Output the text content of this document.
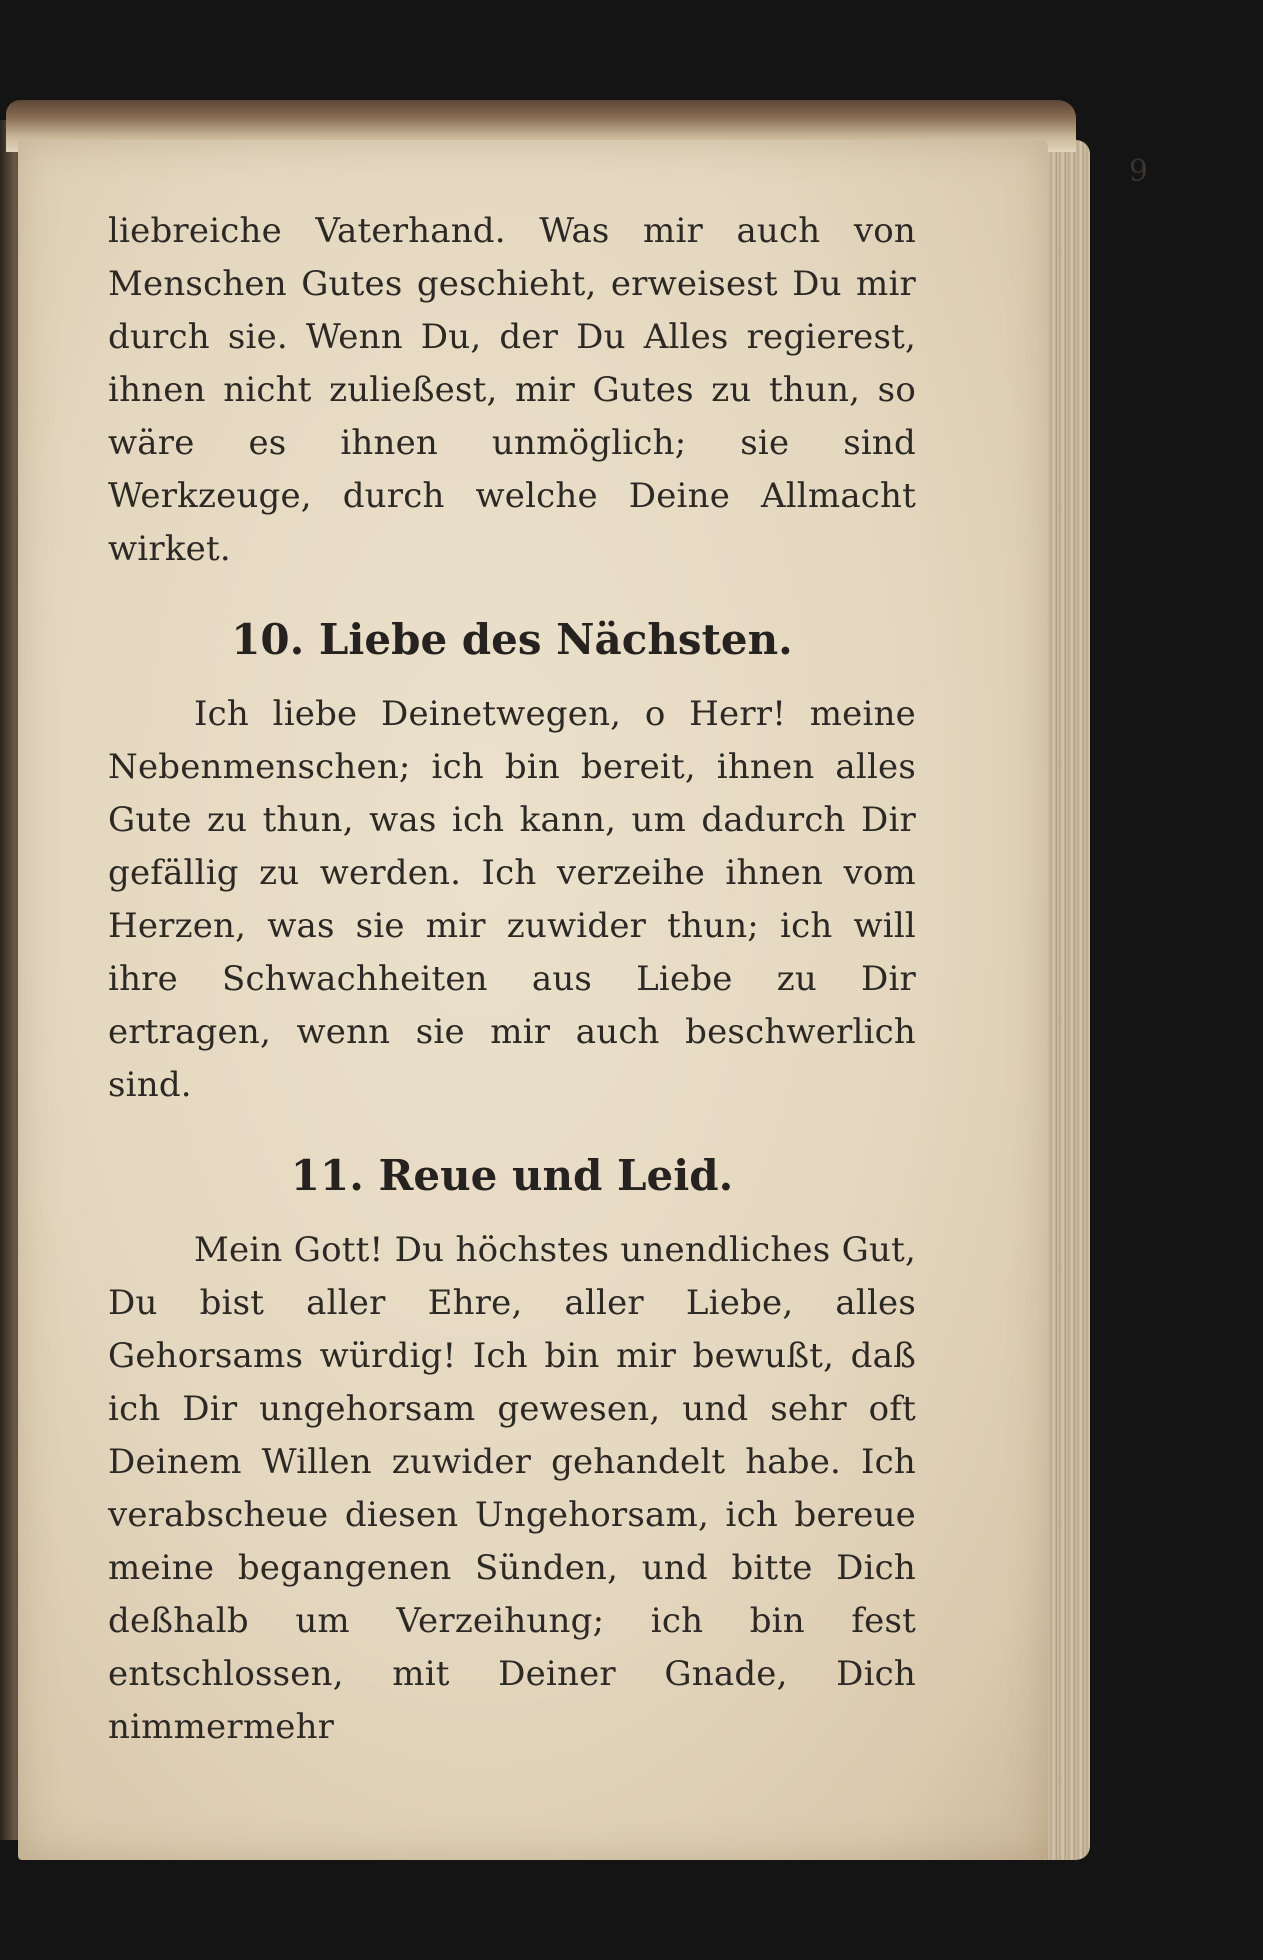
9

liebreiche Vaterhand. Was mir auch von Menschen Gutes geschieht, erweisest Du mir durch sie. Wenn Du, der Du Alles regierest, ihnen nicht zuließest, mir Gutes zu thun, so wäre es ihnen unmöglich; sie sind Werkzeuge, durch welche Deine Allmacht wirket.

10. Liebe des Nächsten.

Ich liebe Deinetwegen, o Herr! meine Nebenmenschen; ich bin bereit, ihnen alles Gute zu thun, was ich kann, um dadurch Dir gefällig zu werden. Ich verzeihe ihnen vom Herzen, was sie mir zuwider thun; ich will ihre Schwachheiten aus Liebe zu Dir ertragen, wenn sie mir auch beschwerlich sind.

11. Reue und Leid.

Mein Gott! Du höchstes unendliches Gut, Du bist aller Ehre, aller Liebe, alles Gehorsams würdig! Ich bin mir bewußt, daß ich Dir ungehorsam gewesen, und sehr oft Deinem Willen zuwider gehandelt habe. Ich verabscheue diesen Ungehorsam, ich bereue meine begangenen Sünden, und bitte Dich deßhalb um Verzeihung; ich bin fest entschlossen, mit Deiner Gnade, Dich nimmermehr
